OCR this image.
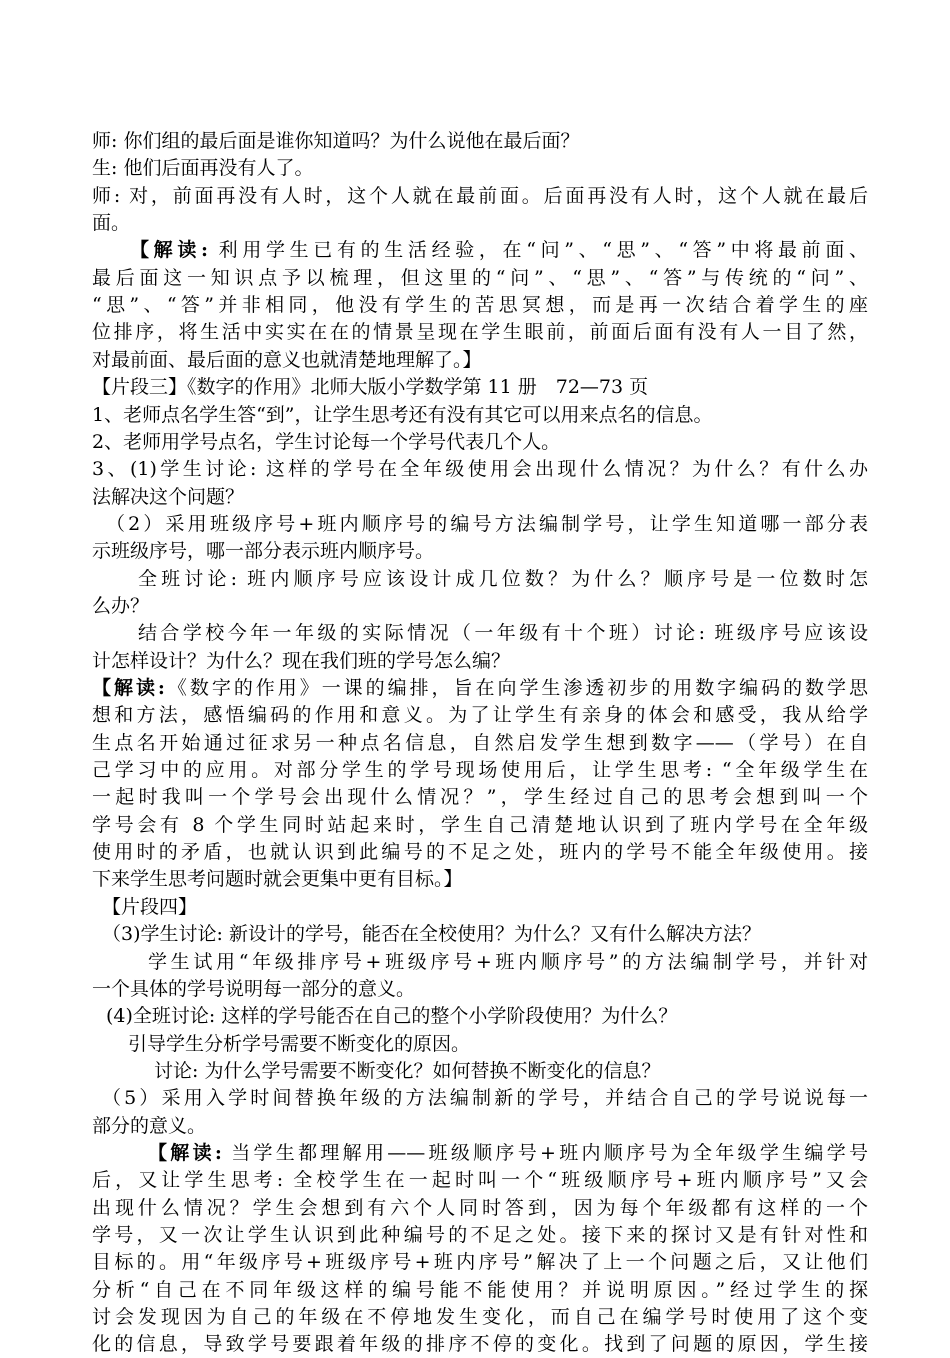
师: 你们组的最后面是谁你知道吗？为什么说他在最后面？
生: 他们后面再没有人了。
师: 对，前面再没有人时，这个人就在最前面。后面再没有人时，这个人就在最后
面。
【解读: 利用学生已有的生活经验，在“问”、“思”、“答”中将最前面、
最后面这一知识点予以梳理，但这里的“问”、“思”、“答”与传统的“问”、
“思”、“答”并非相同，他没有学生的苦思冥想，而是再一次结合着学生的座
位排序，将生活中实实在在的情景呈现在学生眼前，前面后面有没有人一目了然，
对最前面、最后面的意义也就清楚地理解了。】
【片段三】《数字的作用》北师大版小学数学第 11 册　72—73 页
1、老师点名学生答“到”，让学生思考还有没有其它可以用来点名的信息。
2、老师用学号点名，学生讨论每一个学号代表几个人。
3、(1)学生讨论: 这样的学号在全年级使用会出现什么情况？为什么？有什么办
法解决这个问题？
（2）采用班级序号+班内顺序号的编号方法编制学号，让学生知道哪一部分表
示班级序号，哪一部分表示班内顺序号。
全班讨论: 班内顺序号应该设计成几位数？为什么？顺序号是一位数时怎
么办？
结合学校今年一年级的实际情况（一年级有十个班）讨论: 班级序号应该设
计怎样设计？为什么？现在我们班的学号怎么编？
【解读:《数字的作用》一课的编排，旨在向学生渗透初步的用数字编码的数学思
想和方法，感悟编码的作用和意义。为了让学生有亲身的体会和感受，我从给学
生点名开始通过征求另一种点名信息，自然启发学生想到数字——（学号）在自
己学习中的应用。对部分学生的学号现场使用后，让学生思考: “全年级学生在
一起时我叫一个学号会出现什么情况？”，学生经过自己的思考会想到叫一个
学号会有 8 个学生同时站起来时，学生自己清楚地认识到了班内学号在全年级
使用时的矛盾，也就认识到此编号的不足之处，班内的学号不能全年级使用。接
下来学生思考问题时就会更集中更有目标。】
【片段四】
（3)学生讨论: 新设计的学号，能否在全校使用？为什么？又有什么解决方法？
学生试用“年级排序号+班级序号+班内顺序号”的方法编制学号，并针对
一个具体的学号说明每一部分的意义。
(4)全班讨论: 这样的学号能否在自己的整个小学阶段使用？为什么？
引导学生分析学号需要不断变化的原因。
讨论: 为什么学号需要不断变化？如何替换不断变化的信息？
（5）采用入学时间替换年级的方法编制新的学号，并结合自己的学号说说每一
部分的意义。
【解读: 当学生都理解用——班级顺序号+班内顺序号为全年级学生编学号
后，又让学生思考: 全校学生在一起时叫一个“班级顺序号+班内顺序号”又会
出现什么情况？学生会想到有六个人同时答到，因为每个年级都有这样的一个
学号，又一次让学生认识到此种编号的不足之处。接下来的探讨又是有针对性和
目标的。用“年级序号+班级序号+班内序号”解决了上一个问题之后，又让他们
分析“自己在不同年级这样的编号能不能使用？并说明原因。”经过学生的探
讨会发现因为自己的年级在不停地发生变化，而自己在编学号时使用了这个变
化的信息，导致学号要跟着年级的排序不停的变化。找到了问题的原因，学生接
